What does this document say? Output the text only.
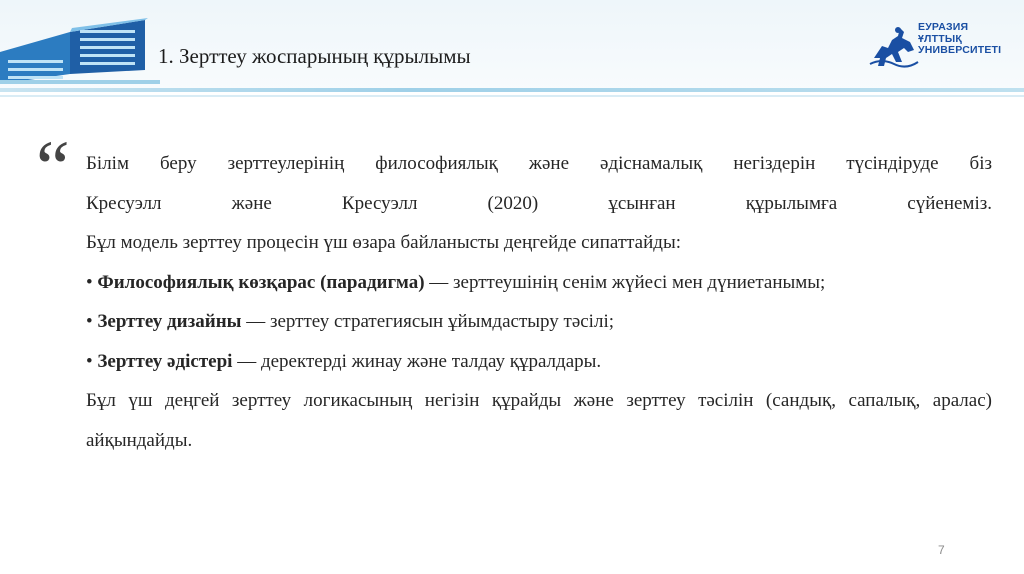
1. Зерттеу жоспарының құрылымы
ЕУРАЗИЯ
ҰЛТТЫҚ
УНИВЕРСИТЕТІ
“ Білім беру зерттеулерінің философиялық және әдіснамалық негіздерін түсіндіруде біз

Кресуэлл және Кресуэлл (2020) ұсынған құрылымға сүйенеміз.

Бұл модель зерттеу процесін үш өзара байланысты деңгейде сипаттайды:

• Философиялық көзқарас (парадигма) — зерттеушінің сенім жүйесі мен дүниетанымы;

• Зерттеу дизайны — зерттеу стратегиясын ұйымдастыру тәсілі;

• Зерттеу әдістері — деректерді жинау және талдау құралдары.

Бұл үш деңгей зерттеу логикасының негізін құрайды және зерттеу тәсілін (сандық, сапалық, аралас) айқындайды.

7
